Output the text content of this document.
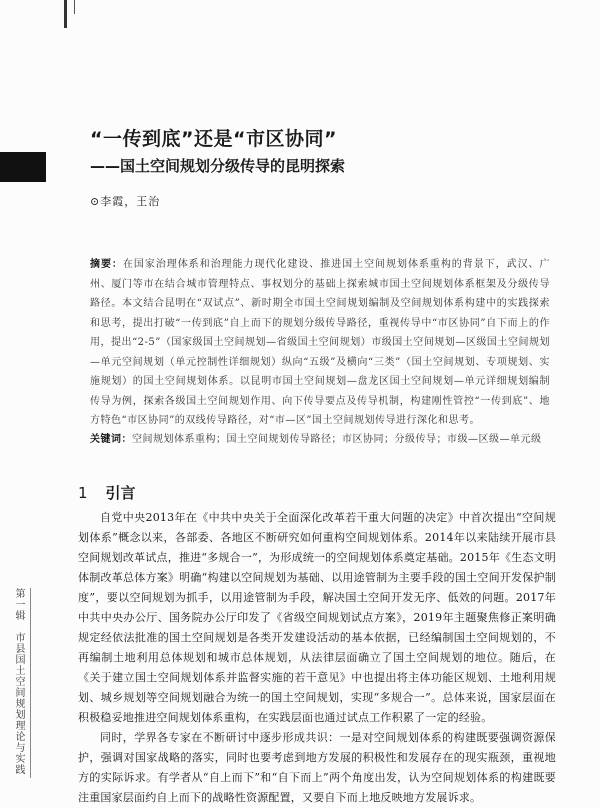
“一传到底”还是“市区协同”
——国土空间规划分级传导的昆明探索
⊙李霞，王治
摘要：在国家治理体系和治理能力现代化建设、推进国土空间规划体系重构的背景下，武汉、广州、厦门等市在结合城市管理特点、事权划分的基础上探索城市国土空间规划体系框架及分级传导路径。本文结合昆明在“双试点”、新时期全市国土空间规划编制及空间规划体系构建中的实践探索和思考，提出打破“一传到底”自上而下的规划分级传导路径，重视传导中“市区协同”自下而上的作用，提出“2-5”（国家级国土空间规划—省级国土空间规划）市级国土空间规划—区级国土空间规划—单元空间规划（单元控制性详细规划）纵向“五级”及横向“三类”（国土空间规划、专项规划、实施规划）的国土空间规划体系。以昆明市国土空间规划—盘龙区国土空间规划—单元详细规划编制传导为例，探索各级国土空间规划作用、向下传导要点及传导机制，构建刚性管控“一传到底”、地方特色“市区协同”的双线传导路径，对“市—区”国土空间规划传导进行深化和思考。
关键词：空间规划体系重构；国土空间规划传导路径；市区协同；分级传导；市级—区级—单元级
1 引言

自党中央2013年在《中共中央关于全面深化改革若干重大问题的决定》中首次提出“空间规划体系”概念以来，各部委、各地区不断研究如何重构空间规划体系。2014年以来陆续开展市县空间规划改革试点，推进“多规合一”，为形成统一的空间规划体系奠定基础。2015年《生态文明体制改革总体方案》明确“构建以空间规划为基础、以用途管制为主要手段的国土空间开发保护制度”，要以空间规划为抓手，以用途管制为手段，解决国土空间开发无序、低效的问题。2017年中共中央办公厅、国务院办公厅印发了《省级空间规划试点方案》，2019年主题聚焦修正案明确规定经依法批准的国土空间规划是各类开发建设活动的基本依据，已经编制国土空间规划的，不再编制土地利用总体规划和城市总体规划，从法律层面确立了国土空间规划的地位。随后，在《关于建立国土空间规划体系并监督实施的若干意见》中也提出将主体功能区规划、土地利用规划、城乡规划等空间规划融合为统一的国土空间规划，实现“多规合一”。总体来说，国家层面在积极稳妥地推进空间规划体系重构，在实践层面也通过试点工作积累了一定的经验。

同时，学界各专家在不断研讨中逐步形成共识：一是对空间规划体系的构建既要强调资源保护，强调对国家战略的落实，同时也要考虑到地方发展的积极性和发展存在的现实瓶颈，重视地方的实际诉求。有学者从“自上而下”和“自下而上”两个角度出发，认为空间规划体系的构建既要注重国家层面约自上而下的战略性资源配置，又要自下而上地反映地方发展诉求。

第一辑　市县国土空间规划理论与实践
